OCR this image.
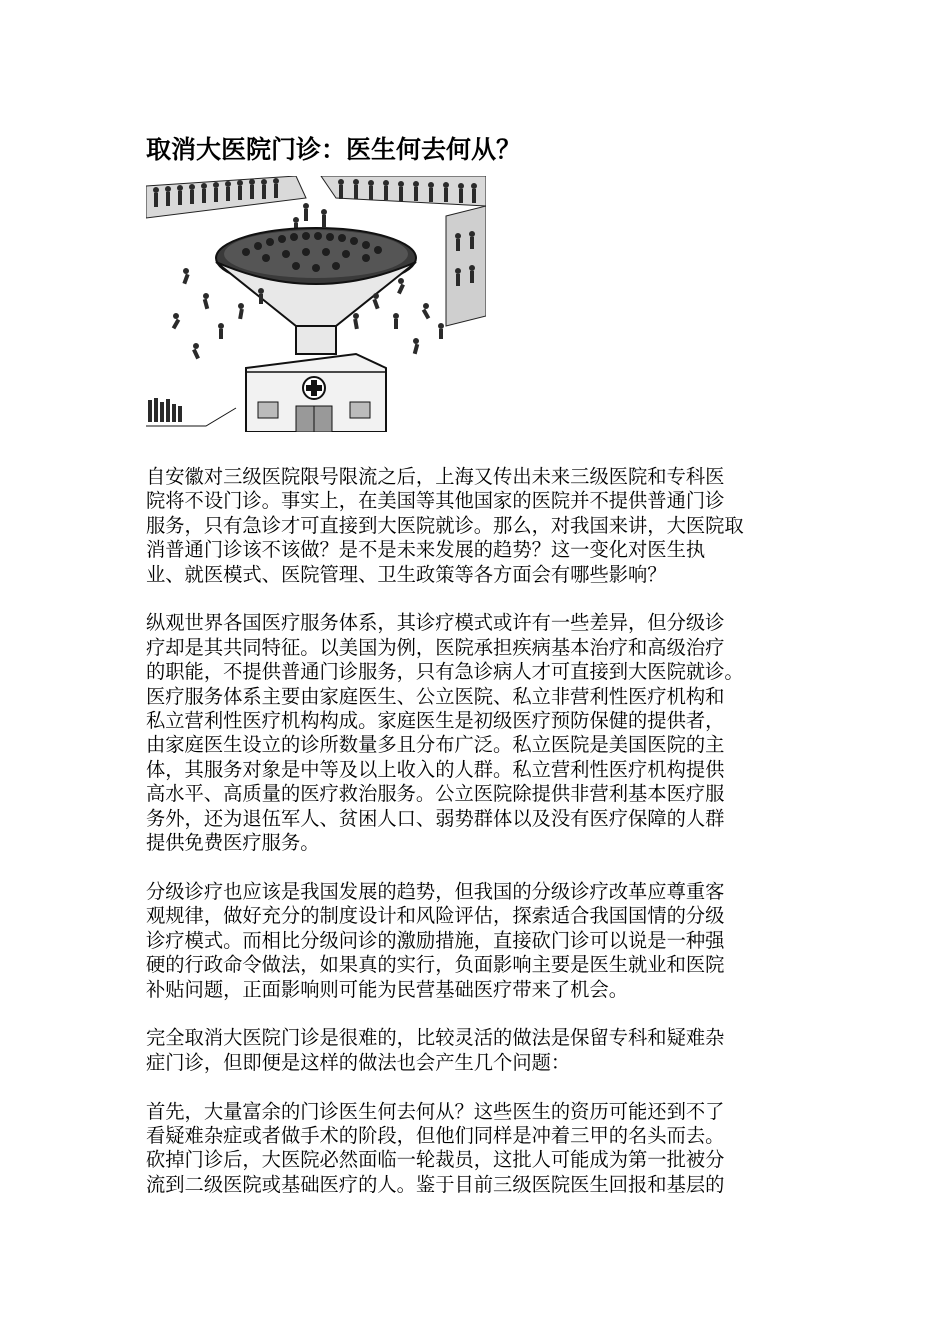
取消大医院门诊：医生何去何从？

自安徽对三级医院限号限流之后，上海又传出未来三级医院和专科医
院将不设门诊。事实上，在美国等其他国家的医院并不提供普通门诊
服务，只有急诊才可直接到大医院就诊。那么，对我国来讲，大医院取
消普通门诊该不该做？是不是未来发展的趋势？这一变化对医生执
业、就医模式、医院管理、卫生政策等各方面会有哪些影响？

纵观世界各国医疗服务体系，其诊疗模式或许有一些差异，但分级诊
疗却是其共同特征。以美国为例，医院承担疾病基本治疗和高级治疗
的职能，不提供普通门诊服务，只有急诊病人才可直接到大医院就诊。
医疗服务体系主要由家庭医生、公立医院、私立非营利性医疗机构和
私立营利性医疗机构构成。家庭医生是初级医疗预防保健的提供者，
由家庭医生设立的诊所数量多且分布广泛。私立医院是美国医院的主
体，其服务对象是中等及以上收入的人群。私立营利性医疗机构提供
高水平、高质量的医疗救治服务。公立医院除提供非营利基本医疗服
务外，还为退伍军人、贫困人口、弱势群体以及没有医疗保障的人群
提供免费医疗服务。

分级诊疗也应该是我国发展的趋势，但我国的分级诊疗改革应尊重客
观规律，做好充分的制度设计和风险评估，探索适合我国国情的分级
诊疗模式。而相比分级问诊的激励措施，直接砍门诊可以说是一种强
硬的行政命令做法，如果真的实行，负面影响主要是医生就业和医院
补贴问题，正面影响则可能为民营基础医疗带来了机会。

完全取消大医院门诊是很难的，比较灵活的做法是保留专科和疑难杂
症门诊，但即便是这样的做法也会产生几个问题：

首先，大量富余的门诊医生何去何从？这些医生的资历可能还到不了
看疑难杂症或者做手术的阶段，但他们同样是冲着三甲的名头而去。
砍掉门诊后，大医院必然面临一轮裁员，这批人可能成为第一批被分
流到二级医院或基础医疗的人。鉴于目前三级医院医生回报和基层的
